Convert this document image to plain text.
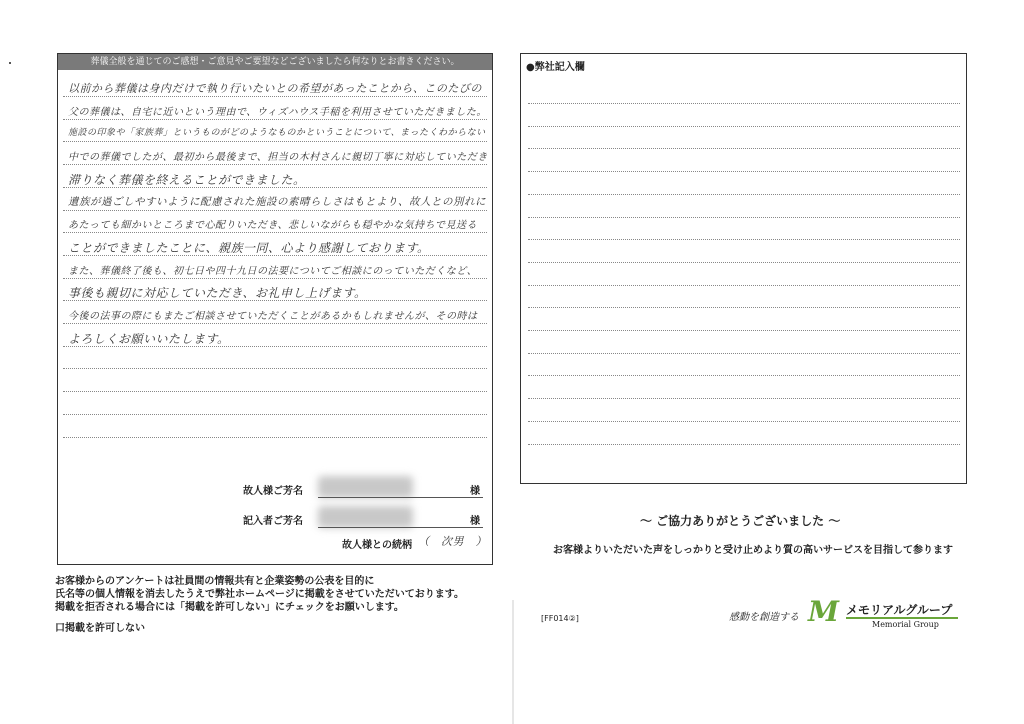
葬儀全般を通じてのご感想・ご意見やご要望などございましたら何なりとお書きください。
以前から葬儀は身内だけで執り行いたいとの希望があったことから、このたびの
父の葬儀は、自宅に近いという理由で、ウィズハウス手稲を利用させていただきました。
施設の印象や「家族葬」というものがどのようなものかということについて、まったくわからない
中での葬儀でしたが、最初から最後まで、担当の木村さんに親切丁寧に対応していただき
滞りなく葬儀を終えることができました。
遺族が過ごしやすいように配慮された施設の素晴らしさはもとより、故人との別れに
あたっても細かいところまで心配りいただき、悲しいながらも穏やかな気持ちで見送る
ことができましたことに、親族一同、心より感謝しております。
また、葬儀終了後も、初七日や四十九日の法要についてご相談にのっていただくなど、
事後も親切に対応していただき、お礼申し上げます。
今後の法事の際にもまたご相談させていただくことがあるかもしれませんが、その時は
よろしくお願いいたします。
故人様ご芳名	様
記入者ご芳名	様
故人様との続柄 （　次男　）
●弊社記入欄
～ ご協力ありがとうございました ～
お客様よりいただいた声をしっかりと受け止めより質の高いサービスを目指して参ります
お客様からのアンケートは社員間の情報共有と企業姿勢の公表を目的に
氏名等の個人情報を消去したうえで弊社ホームページに掲載をさせていただいております。
掲載を拒否される場合には「掲載を許可しない」にチェックをお願いします。
口掲載を許可しない
[FF014②]	感動を創造する M メモリアルグループ
Memorial Group
